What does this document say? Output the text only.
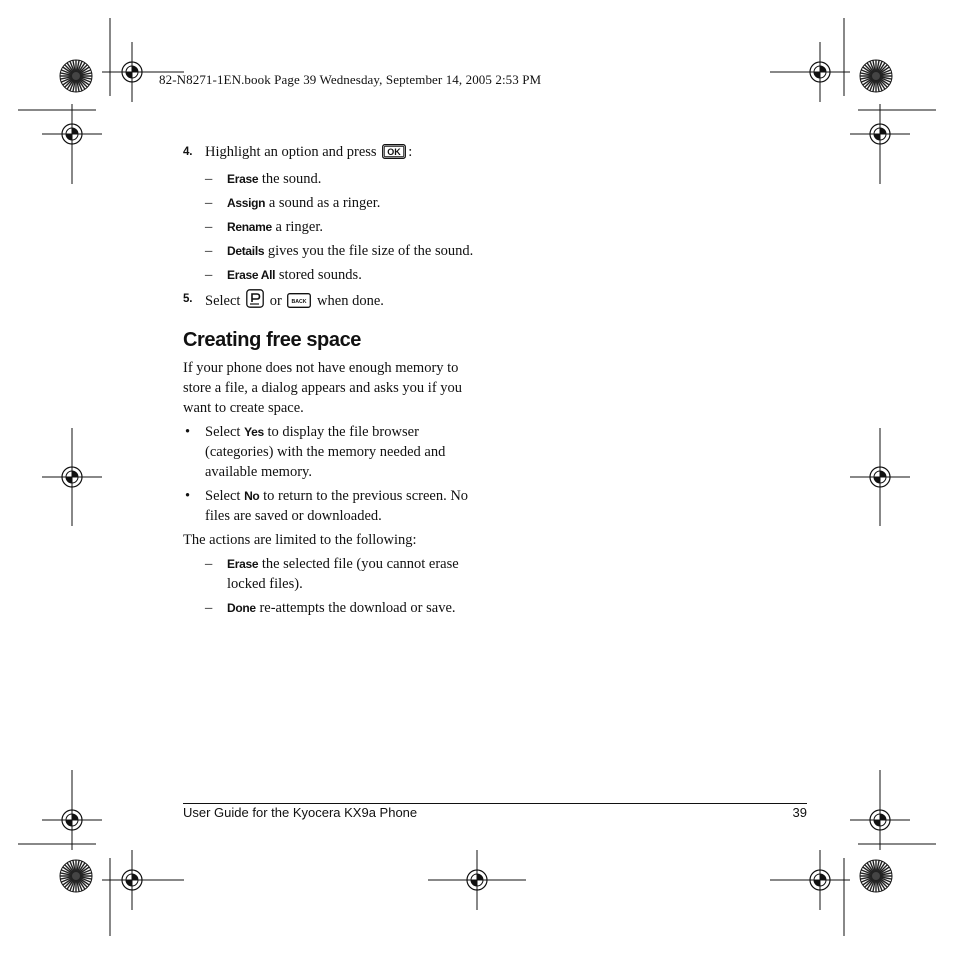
82-N8271-1EN.book Page 39 Wednesday, September 14, 2005 2:53 PM
4. Highlight an option and press OK :
– Erase the sound.
– Assign a sound as a ringer.
– Rename a ringer.
– Details gives you the file size of the sound.
– Erase All stored sounds.
5. Select or BACK when done.
Creating free space
If your phone does not have enough memory to store a file, a dialog appears and asks you if you want to create space.
• Select Yes to display the file browser (categories) with the memory needed and available memory.
• Select No to return to the previous screen. No files are saved or downloaded.
The actions are limited to the following:
– Erase the selected file (you cannot erase locked files).
– Done re-attempts the download or save.
User Guide for the Kyocera KX9a Phone	39
